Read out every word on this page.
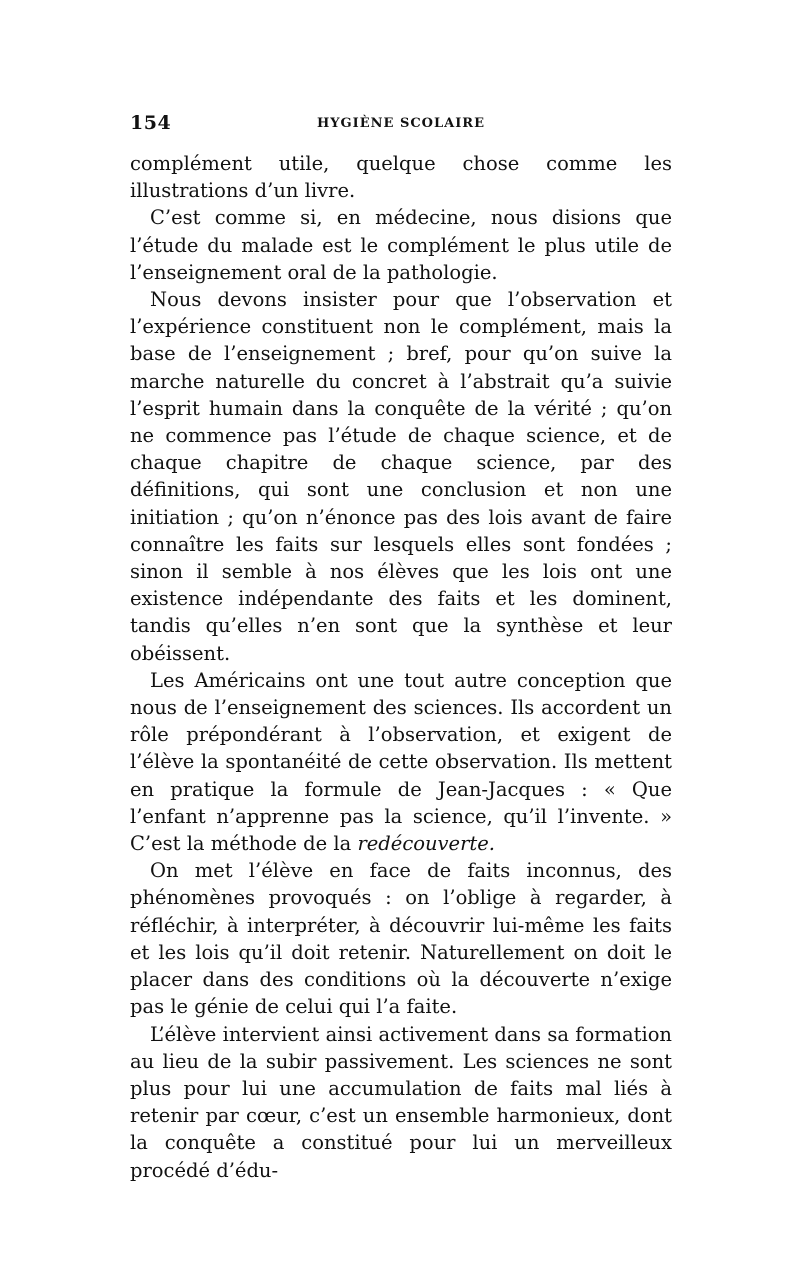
154	HYGIÈNE SCOLAIRE

complément utile, quelque chose comme les illustrations d’un livre.

C’est comme si, en médecine, nous disions que l’étude du malade est le complément le plus utile de l’enseignement oral de la pathologie.

Nous devons insister pour que l’observation et l’expérience constituent non le complément, mais la base de l’enseignement ; bref, pour qu’on suive la marche naturelle du concret à l’abstrait qu’a suivie l’esprit humain dans la conquête de la vérité ; qu’on ne commence pas l’étude de chaque science, et de chaque chapitre de chaque science, par des définitions, qui sont une conclusion et non une initiation ; qu’on n’énonce pas des lois avant de faire connaître les faits sur lesquels elles sont fondées ; sinon il semble à nos élèves que les lois ont une existence indépendante des faits et les dominent, tandis qu’elles n’en sont que la synthèse et leur obéissent.

Les Américains ont une tout autre conception que nous de l’enseignement des sciences. Ils accordent un rôle prépondérant à l’observation, et exigent de l’élève la spontanéité de cette observation. Ils mettent en pratique la formule de Jean-Jacques : « Que l’enfant n’apprenne pas la science, qu’il l’invente. » C’est la méthode de la redécouverte.

On met l’élève en face de faits inconnus, des phénomènes provoqués : on l’oblige à regarder, à réfléchir, à interpréter, à découvrir lui-même les faits et les lois qu’il doit retenir. Naturellement on doit le placer dans des conditions où la découverte n’exige pas le génie de celui qui l’a faite.

L’élève intervient ainsi activement dans sa formation au lieu de la subir passivement. Les sciences ne sont plus pour lui une accumulation de faits mal liés à retenir par cœur, c’est un ensemble harmonieux, dont la conquête a constitué pour lui un merveilleux procédé d’édu-
